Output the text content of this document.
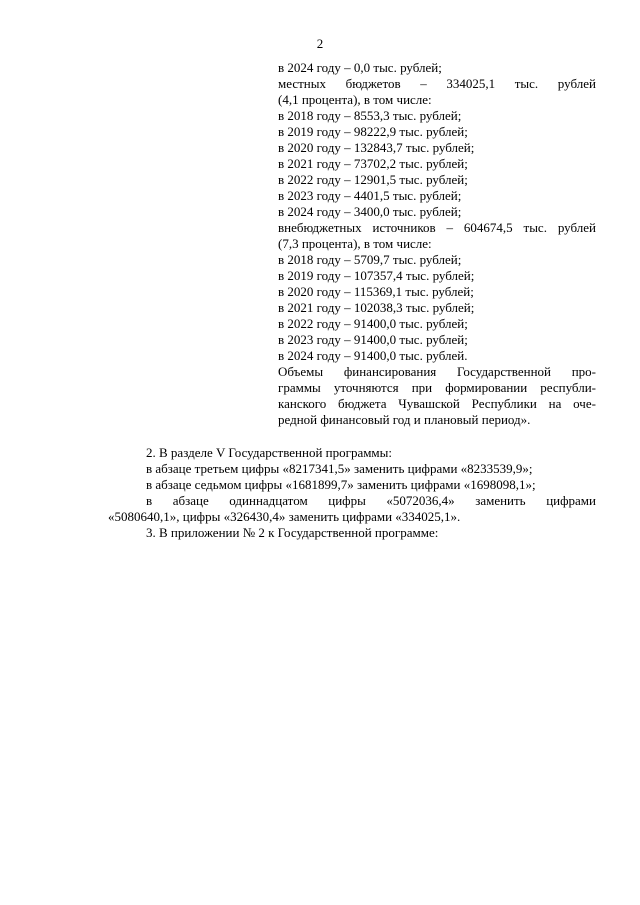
2
в 2024 году – 0,0 тыс. рублей;
местных бюджетов – 334025,1 тыс. рублей
(4,1 процента), в том числе:
в 2018 году – 8553,3 тыс. рублей;
в 2019 году – 98222,9 тыс. рублей;
в 2020 году – 132843,7 тыс. рублей;
в 2021 году – 73702,2 тыс. рублей;
в 2022 году – 12901,5 тыс. рублей;
в 2023 году – 4401,5 тыс. рублей;
в 2024 году – 3400,0 тыс. рублей;
внебюджетных источников – 604674,5 тыс. рублей
(7,3 процента), в том числе:
в 2018 году – 5709,7 тыс. рублей;
в 2019 году – 107357,4 тыс. рублей;
в 2020 году – 115369,1 тыс. рублей;
в 2021 году – 102038,3 тыс. рублей;
в 2022 году – 91400,0 тыс. рублей;
в 2023 году – 91400,0 тыс. рублей;
в 2024 году – 91400,0 тыс. рублей.
Объемы финансирования Государственной про-
граммы уточняются при формировании республи-
канского бюджета Чувашской Республики на оче-
редной финансовый год и плановый период».
2. В разделе V Государственной программы:
в абзаце третьем цифры «8217341,5» заменить цифрами «8233539,9»;
в абзаце седьмом цифры «1681899,7» заменить цифрами «1698098,1»;
в абзаце одиннадцатом цифры «5072036,4» заменить цифрами
«5080640,1», цифры «326430,4» заменить цифрами «334025,1».
3. В приложении № 2 к Государственной программе:
